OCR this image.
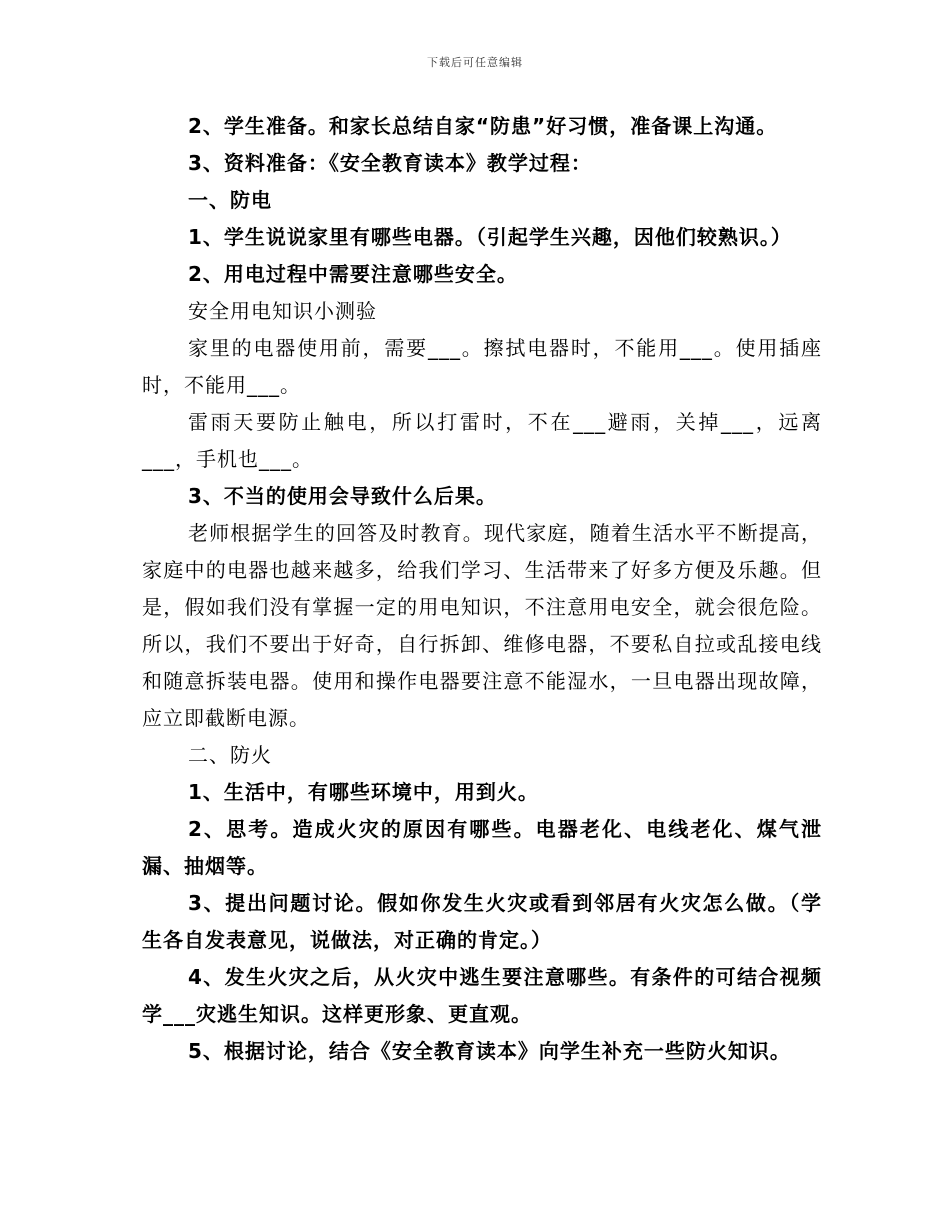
下载后可任意编辑

2、学生准备。和家长总结自家“防患”好习惯，准备课上沟通。

3、资料准备：《安全教育读本》教学过程：

一、防电

1、学生说说家里有哪些电器。（引起学生兴趣，因他们较熟识。）

2、用电过程中需要注意哪些安全。

安全用电知识小测验

家里的电器使用前，需要___。擦拭电器时，不能用___。使用插座时，不能用___。

雷雨天要防止触电，所以打雷时，不在___避雨，关掉___，远离___，手机也___。

3、不当的使用会导致什么后果。

老师根据学生的回答及时教育。现代家庭，随着生活水平不断提高，家庭中的电器也越来越多，给我们学习、生活带来了好多方便及乐趣。但是，假如我们没有掌握一定的用电知识，不注意用电安全，就会很危险。所以，我们不要出于好奇，自行拆卸、维修电器，不要私自拉或乱接电线和随意拆装电器。使用和操作电器要注意不能湿水，一旦电器出现故障，应立即截断电源。

二、防火

1、生活中，有哪些环境中，用到火。

2、思考。造成火灾的原因有哪些。电器老化、电线老化、煤气泄漏、抽烟等。

3、提出问题讨论。假如你发生火灾或看到邻居有火灾怎么做。（学生各自发表意见，说做法，对正确的肯定。）

4、发生火灾之后，从火灾中逃生要注意哪些。有条件的可结合视频学___灾逃生知识。这样更形象、更直观。

5、根据讨论，结合《安全教育读本》向学生补充一些防火知识。
